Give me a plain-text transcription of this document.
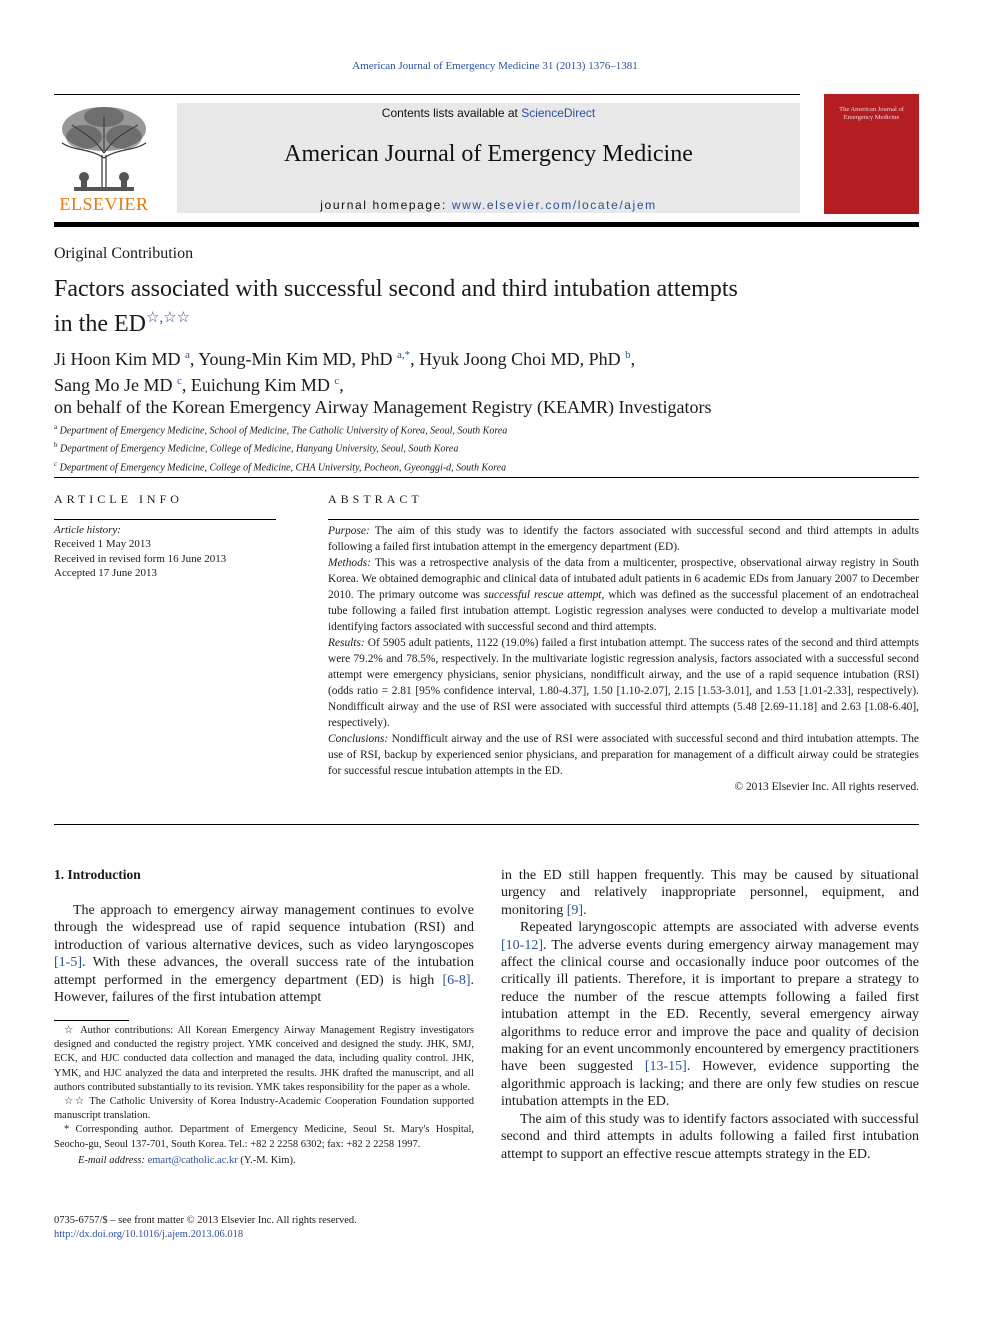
American Journal of Emergency Medicine 31 (2013) 1376–1381
ELSEVIER
Contents lists available at ScienceDirect
American Journal of Emergency Medicine
journal homepage: www.elsevier.com/locate/ajem
The American Journal of Emergency Medicine
Original Contribution
Factors associated with successful second and third intubation attempts
in the ED☆,☆☆
Ji Hoon Kim MD $^a$, Young-Min Kim MD, PhD $^{a,*}$, Hyuk Joong Choi MD, PhD $^b$,
Sang Mo Je MD $^c$, Euichung Kim MD $^c$,
on behalf of the Korean Emergency Airway Management Registry (KEAMR) Investigators
$^a$ Department of Emergency Medicine, School of Medicine, The Catholic University of Korea, Seoul, South Korea
$^b$ Department of Emergency Medicine, College of Medicine, Hanyang University, Seoul, South Korea
$^c$ Department of Emergency Medicine, College of Medicine, CHA University, Pocheon, Gyeonggi-d, South Korea
ARTICLE INFO
Article history:
Received 1 May 2013
Received in revised form 16 June 2013
Accepted 17 June 2013
ABSTRACT

Purpose: The aim of this study was to identify the factors associated with successful second and third attempts in adults following a failed first intubation attempt in the emergency department (ED).

Methods: This was a retrospective analysis of the data from a multicenter, prospective, observational airway registry in South Korea. We obtained demographic and clinical data of intubated adult patients in 6 academic EDs from January 2007 to December 2010. The primary outcome was successful rescue attempt, which was defined as the successful placement of an endotracheal tube following a failed first intubation attempt. Logistic regression analyses were conducted to develop a multivariate model identifying factors associated with successful second and third attempts.

Results: Of 5905 adult patients, 1122 (19.0%) failed a first intubation attempt. The success rates of the second and third attempts were 79.2% and 78.5%, respectively. In the multivariate logistic regression analysis, factors associated with a successful second attempt were emergency physicians, senior physicians, nondifficult airway, and the use of a rapid sequence intubation (RSI) (odds ratio = 2.81 [95% confidence interval, 1.80-4.37], 1.50 [1.10-2.07], 2.15 [1.53-3.01], and 1.53 [1.01-2.33], respectively). Nondifficult airway and the use of RSI were associated with successful third attempts (5.48 [2.69-11.18] and 2.63 [1.08-6.40], respectively).

Conclusions: Nondifficult airway and the use of RSI were associated with successful second and third intubation attempts. The use of RSI, backup by experienced senior physicians, and preparation for management of a difficult airway could be strategies for successful rescue intubation attempts in the ED.

© 2013 Elsevier Inc. All rights reserved.

1. Introduction

The approach to emergency airway management continues to evolve through the widespread use of rapid sequence intubation (RSI) and introduction of various alternative devices, such as video laryngoscopes [1-5]. With these advances, the overall success rate of the intubation attempt performed in the emergency department (ED) is high [6-8]. However, failures of the first intubation attempt

☆ Author contributions: All Korean Emergency Airway Management Registry investigators designed and conducted the registry project. YMK conceived and designed the study. JHK, SMJ, ECK, and HJC conducted data collection and managed the data, including quality control. JHK, YMK, and HJC analyzed the data and interpreted the results. JHK drafted the manuscript, and all authors contributed substantially to its revision. YMK takes responsibility for the paper as a whole.

☆☆ The Catholic University of Korea Industry-Academic Cooperation Foundation supported manuscript translation.

* Corresponding author. Department of Emergency Medicine, Seoul St. Mary's Hospital, Seocho-gu, Seoul 137-701, South Korea. Tel.: +82 2 2258 6302; fax: +82 2 2258 1997.

E-mail address: emart@catholic.ac.kr (Y.-M. Kim).

0735-6757/$ – see front matter © 2013 Elsevier Inc. All rights reserved.
http://dx.doi.org/10.1016/j.ajem.2013.06.018

in the ED still happen frequently. This may be caused by situational urgency and relatively inappropriate personnel, equipment, and monitoring [9].

Repeated laryngoscopic attempts are associated with adverse events [10-12]. The adverse events during emergency airway management may affect the clinical course and occasionally induce poor outcomes of the critically ill patients. Therefore, it is important to prepare a strategy to reduce the number of the rescue attempts following a failed first intubation attempt in the ED. Recently, several emergency airway algorithms to reduce error and improve the pace and quality of decision making for an event uncommonly encountered by emergency practitioners have been suggested [13-15]. However, evidence supporting the algorithmic approach is lacking; and there are only few studies on rescue intubation attempts in the ED.

The aim of this study was to identify factors associated with successful second and third attempts in adults following a failed first intubation attempt to support an effective rescue attempts strategy in the ED.
